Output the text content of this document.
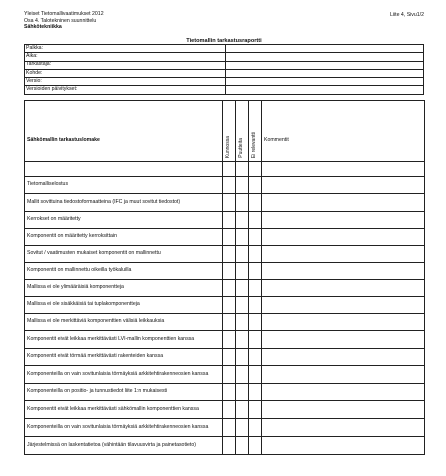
Yleiset Tietomallivaatimukset 2012
Osa 4. Talotekninen suunnittelu
Sähkötekniikka
Liite 4, Sivu1/2
Tietomallin tarkastusraportti
Palkka:	
Aika:	
Tarkastaja:	
Kohde:	
Versio:	
Versioiden päivitykset:	
Sähkömallin tarkastuslomake	Kunnossa	Puutteita	Ei relevantti	Kommentit

Tietomalliselostus				
Mallit sovittuina tiedostoformaatteina (IFC ja muut sovitut tiedostot)				
Kerrokset on määritetty				
Komponentit on määritetty kerroksittain				
Sovitut / vaatimusten mukaiset komponentit on mallinnettu				
Komponentit on mallinnettu oikeilla työkaluilla				
Mallissa ei ole ylimääräisiä komponentteja				
Mallissa ei ole sisäkkäisiä tai tuplakomponentteja				
Mallissa ei ole merkittäviä komponenttien välisiä leikkauksia				
Komponentit eivät leikkaa merkittävästi LVI-mallin komponenttien kanssa				
Komponentit eivät törmää merkittävästi rakenteiden kanssa				
Komponenteilla on vain sovitunlaisia törmäyksiä arkkitehtirakenneosien kanssa				
Komponenteilla on positio- ja tunnustiedot liite 1:n mukaisesti				
Komponentit eivät leikkaa merkittävästi sähkömallin komponenttien kanssa				
Komponenteilla on vain sovitunlaisia törmäyksiä arkkitehtirakenneosien kanssa				
Järjestelmissä on laskentatietoa (vähintään tilavuusvirta ja painetasotieto)				
